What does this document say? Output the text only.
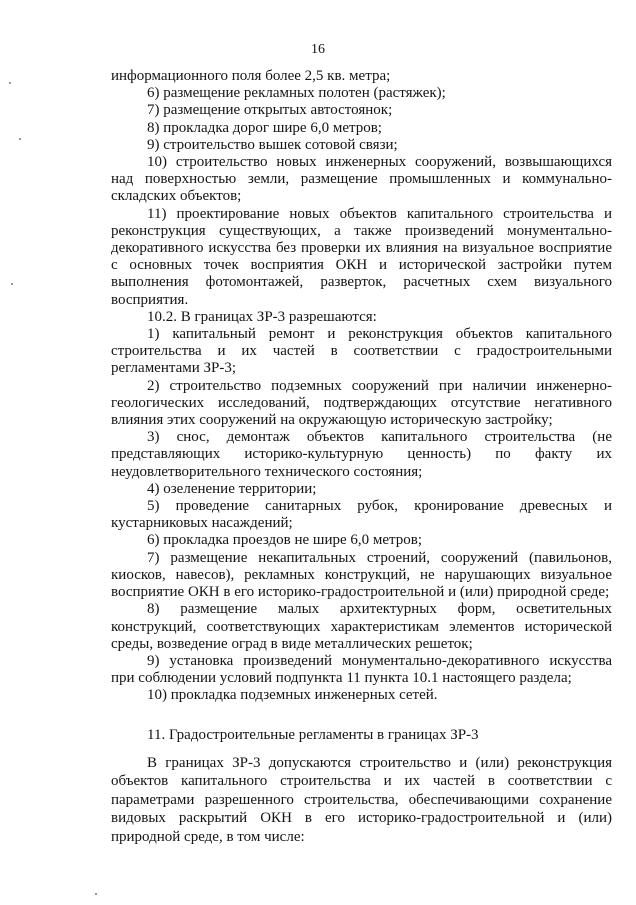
16

информационного поля более 2,5 кв. метра;

6) размещение рекламных полотен (растяжек);

7) размещение открытых автостоянок;

8) прокладка дорог шире 6,0 метров;

9) строительство вышек сотовой связи;

10) строительство новых инженерных сооружений, возвышающихся над поверхностью земли, размещение промышленных и коммунально-складских объектов;

11) проектирование новых объектов капитального строительства и реконструкция существующих, а также произведений монументально-декоративного искусства без проверки их влияния на визуальное восприятие с основных точек восприятия ОКН и исторической застройки путем выполнения фотомонтажей, разверток, расчетных схем визуального восприятия.

10.2. В границах ЗР-3 разрешаются:

1) капитальный ремонт и реконструкция объектов капитального строительства и их частей в соответствии с градостроительными регламентами ЗР-3;

2) строительство подземных сооружений при наличии инженерно-геологических исследований, подтверждающих отсутствие негативного влияния этих сооружений на окружающую историческую застройку;

3) снос, демонтаж объектов капитального строительства (не представляющих историко-культурную ценность) по факту их неудовлетворительного технического состояния;

4) озеленение территории;

5) проведение санитарных рубок, кронирование древесных и кустарниковых насаждений;

6) прокладка проездов не шире 6,0 метров;

7) размещение некапитальных строений, сооружений (павильонов, киосков, навесов), рекламных конструкций, не нарушающих визуальное восприятие ОКН в его историко-градостроительной и (или) природной среде;

8) размещение малых архитектурных форм, осветительных конструкций, соответствующих характеристикам элементов исторической среды, возведение оград в виде металлических решеток;

9) установка произведений монументально-декоративного искусства при соблюдении условий подпункта 11 пункта 10.1 настоящего раздела;

10) прокладка подземных инженерных сетей.

11. Градостроительные регламенты в границах ЗР-3

В границах ЗР-3 допускаются строительство и (или) реконструкция объектов капитального строительства и их частей в соответствии с параметрами разрешенного строительства, обеспечивающими сохранение видовых раскрытий ОКН в его историко-градостроительной и (или) природной среде, в том числе:
